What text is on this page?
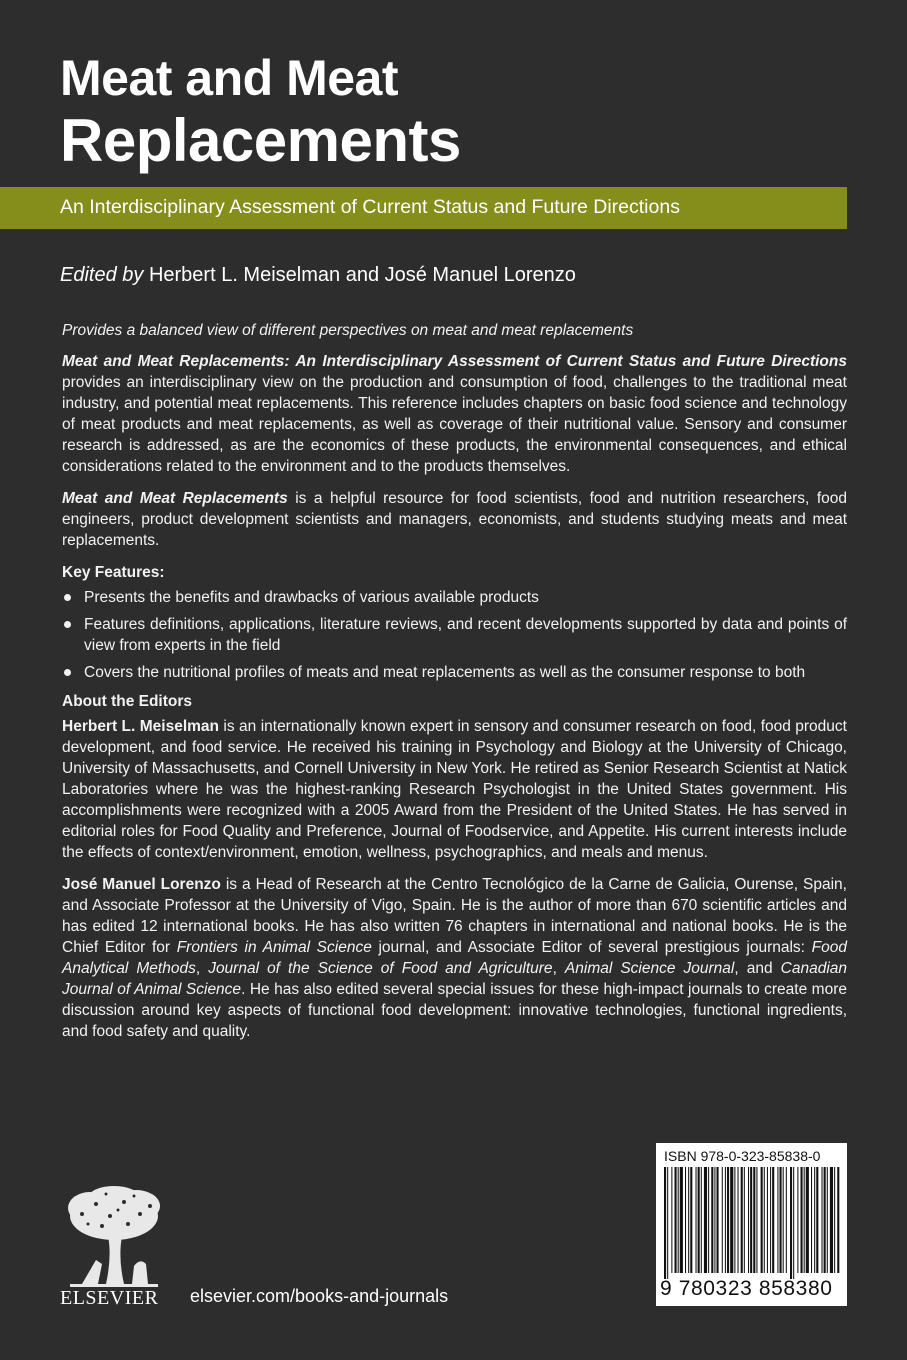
Meat and Meat
Replacements
An Interdisciplinary Assessment of Current Status and Future Directions
Edited by Herbert L. Meiselman and José Manuel Lorenzo

Provides a balanced view of different perspectives on meat and meat replacements

Meat and Meat Replacements: An Interdisciplinary Assessment of Current Status and Future Directions provides an interdisciplinary view on the production and consumption of food, challenges to the traditional meat industry, and potential meat replacements. This reference includes chapters on basic food science and technology of meat products and meat replacements, as well as coverage of their nutritional value. Sensory and consumer research is addressed, as are the economics of these products, the environmental consequences, and ethical considerations related to the environment and to the products themselves.

Meat and Meat Replacements is a helpful resource for food scientists, food and nutrition researchers, food engineers, product development scientists and managers, economists, and students studying meats and meat replacements.

Key Features:
Presents the benefits and drawbacks of various available products
Features definitions, applications, literature reviews, and recent developments supported by data and points of view from experts in the field
Covers the nutritional profiles of meats and meat replacements as well as the consumer response to both
About the Editors

Herbert L. Meiselman is an internationally known expert in sensory and consumer research on food, food product development, and food service. He received his training in Psychology and Biology at the University of Chicago, University of Massachusetts, and Cornell University in New York. He retired as Senior Research Scientist at Natick Laboratories where he was the highest-ranking Research Psychologist in the United States government. His accomplishments were recognized with a 2005 Award from the President of the United States. He has served in editorial roles for Food Quality and Preference, Journal of Foodservice, and Appetite. His current interests include the effects of context/environment, emotion, wellness, psychographics, and meals and menus.

José Manuel Lorenzo is a Head of Research at the Centro Tecnológico de la Carne de Galicia, Ourense, Spain, and Associate Professor at the University of Vigo, Spain. He is the author of more than 670 scientific articles and has edited 12 international books. He has also written 76 chapters in international and national books. He is the Chief Editor for Frontiers in Animal Science journal, and Associate Editor of several prestigious journals: Food Analytical Methods, Journal of the Science of Food and Agriculture, Animal Science Journal, and Canadian Journal of Animal Science. He has also edited several special issues for these high-impact journals to create more discussion around key aspects of functional food development: innovative technologies, functional ingredients, and food safety and quality.

ELSEVIER elsevier.com/books-and-journals
ISBN 978-0-323-85838-0
9 780323 858380
